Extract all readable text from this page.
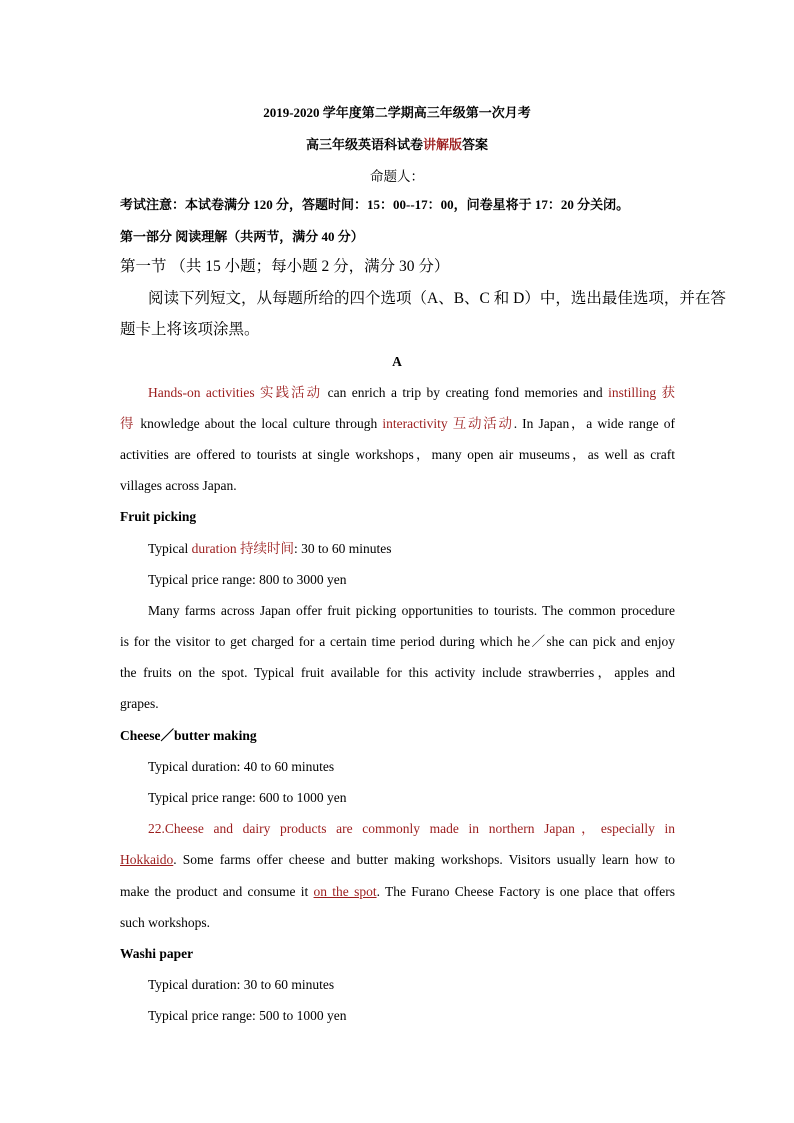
2019-2020 学年度第二学期高三年级第一次月考
高三年级英语科试卷讲解版答案
命题人：
考试注意：本试卷满分 120 分，答题时间：15：00--17：00，问卷星将于 17：20 分关闭。
第一部分 阅读理解（共两节，满分 40 分）
第一节 （共 15 小题；每小题 2 分，满分 30 分）
阅读下列短文，从每题所给的四个选项（A、B、C 和 D）中，选出最佳选项，并在答
题卡上将该项涂黑。
A
Hands-on activities 实践活动 can enrich a trip by creating fond memories and instilling 获
得 knowledge about the local culture through interactivity 互动活动. In Japan，a wide range of
activities are offered to tourists at single workshops，many open air museums，as well as craft
villages across Japan.
Fruit picking
Typical duration 持续时间: 30 to 60 minutes
Typical price range: 800 to 3000 yen
Many farms across Japan offer fruit picking opportunities to tourists. The common procedure
is for the visitor to get charged for a certain time period during which he／she can pick and enjoy
the fruits on the spot. Typical fruit available for this activity include strawberries，apples and
grapes.
Cheese／butter making
Typical duration: 40 to 60 minutes
Typical price range: 600 to 1000 yen
22.Cheese and dairy products are commonly made in northern Japan，especially in
Hokkaido. Some farms offer cheese and butter making workshops. Visitors usually learn how to
make the product and consume it on the spot. The Furano Cheese Factory is one place that offers
such workshops.
Washi paper
Typical duration: 30 to 60 minutes
Typical price range: 500 to 1000 yen
